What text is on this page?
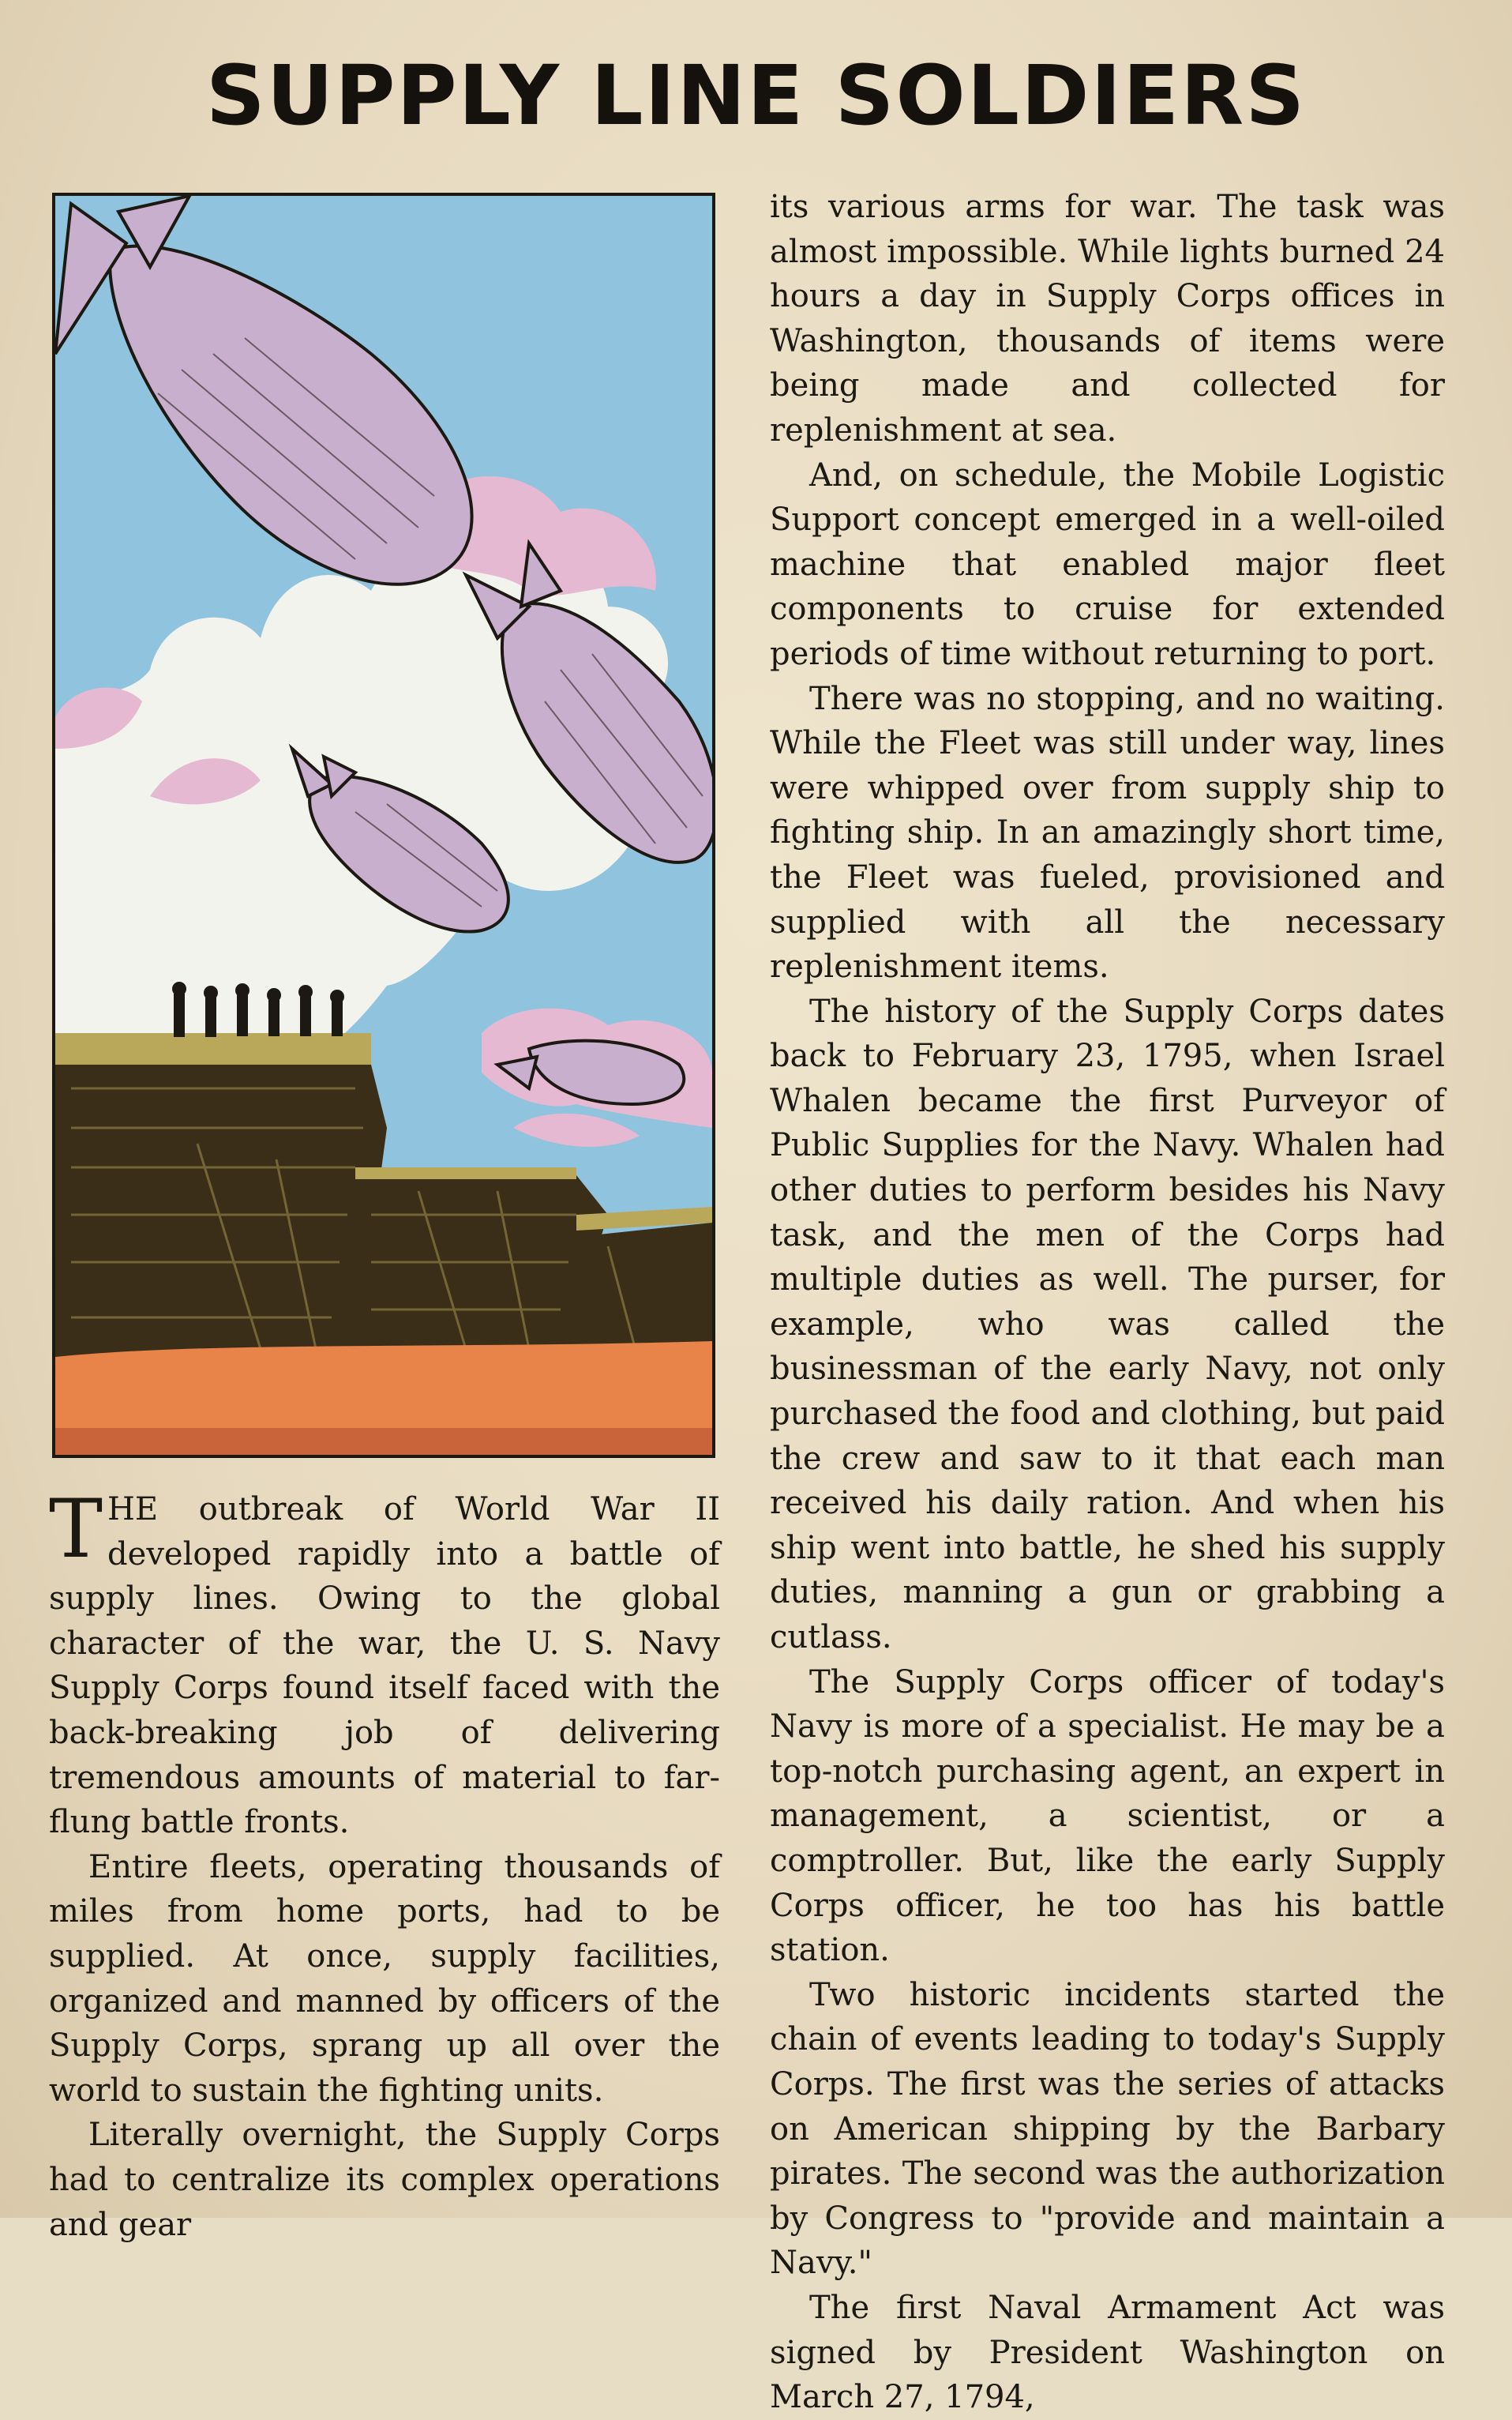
SUPPLY LINE SOLDIERS

THE outbreak of World War II developed rapidly into a battle of supply lines. Owing to the global character of the war, the U. S. Navy Supply Corps found itself faced with the back-breaking job of delivering tremendous amounts of material to far-flung battle fronts.

Entire fleets, operating thousands of miles from home ports, had to be supplied. At once, supply facilities, organized and manned by officers of the Supply Corps, sprang up all over the world to sustain the fighting units.

Literally overnight, the Supply Corps had to centralize its complex operations and gear

its various arms for war. The task was almost impossible. While lights burned 24 hours a day in Supply Corps offices in Washington, thousands of items were being made and collected for replenishment at sea.

And, on schedule, the Mobile Logistic Support concept emerged in a well-oiled machine that enabled major fleet components to cruise for extended periods of time without returning to port.

There was no stopping, and no waiting. While the Fleet was still under way, lines were whipped over from supply ship to fighting ship. In an amazingly short time, the Fleet was fueled, provisioned and supplied with all the necessary replenishment items.

The history of the Supply Corps dates back to February 23, 1795, when Israel Whalen became the first Purveyor of Public Supplies for the Navy. Whalen had other duties to perform besides his Navy task, and the men of the Corps had multiple duties as well. The purser, for example, who was called the businessman of the early Navy, not only purchased the food and clothing, but paid the crew and saw to it that each man received his daily ration. And when his ship went into battle, he shed his supply duties, manning a gun or grabbing a cutlass.

The Supply Corps officer of today's Navy is more of a specialist. He may be a top-notch purchasing agent, an expert in management, a scientist, or a comptroller. But, like the early Supply Corps officer, he too has his battle station.

Two historic incidents started the chain of events leading to today's Supply Corps. The first was the series of attacks on American shipping by the Barbary pirates. The second was the authorization by Congress to "provide and maintain a Navy."

The first Naval Armament Act was signed by President Washington on March 27, 1794,
